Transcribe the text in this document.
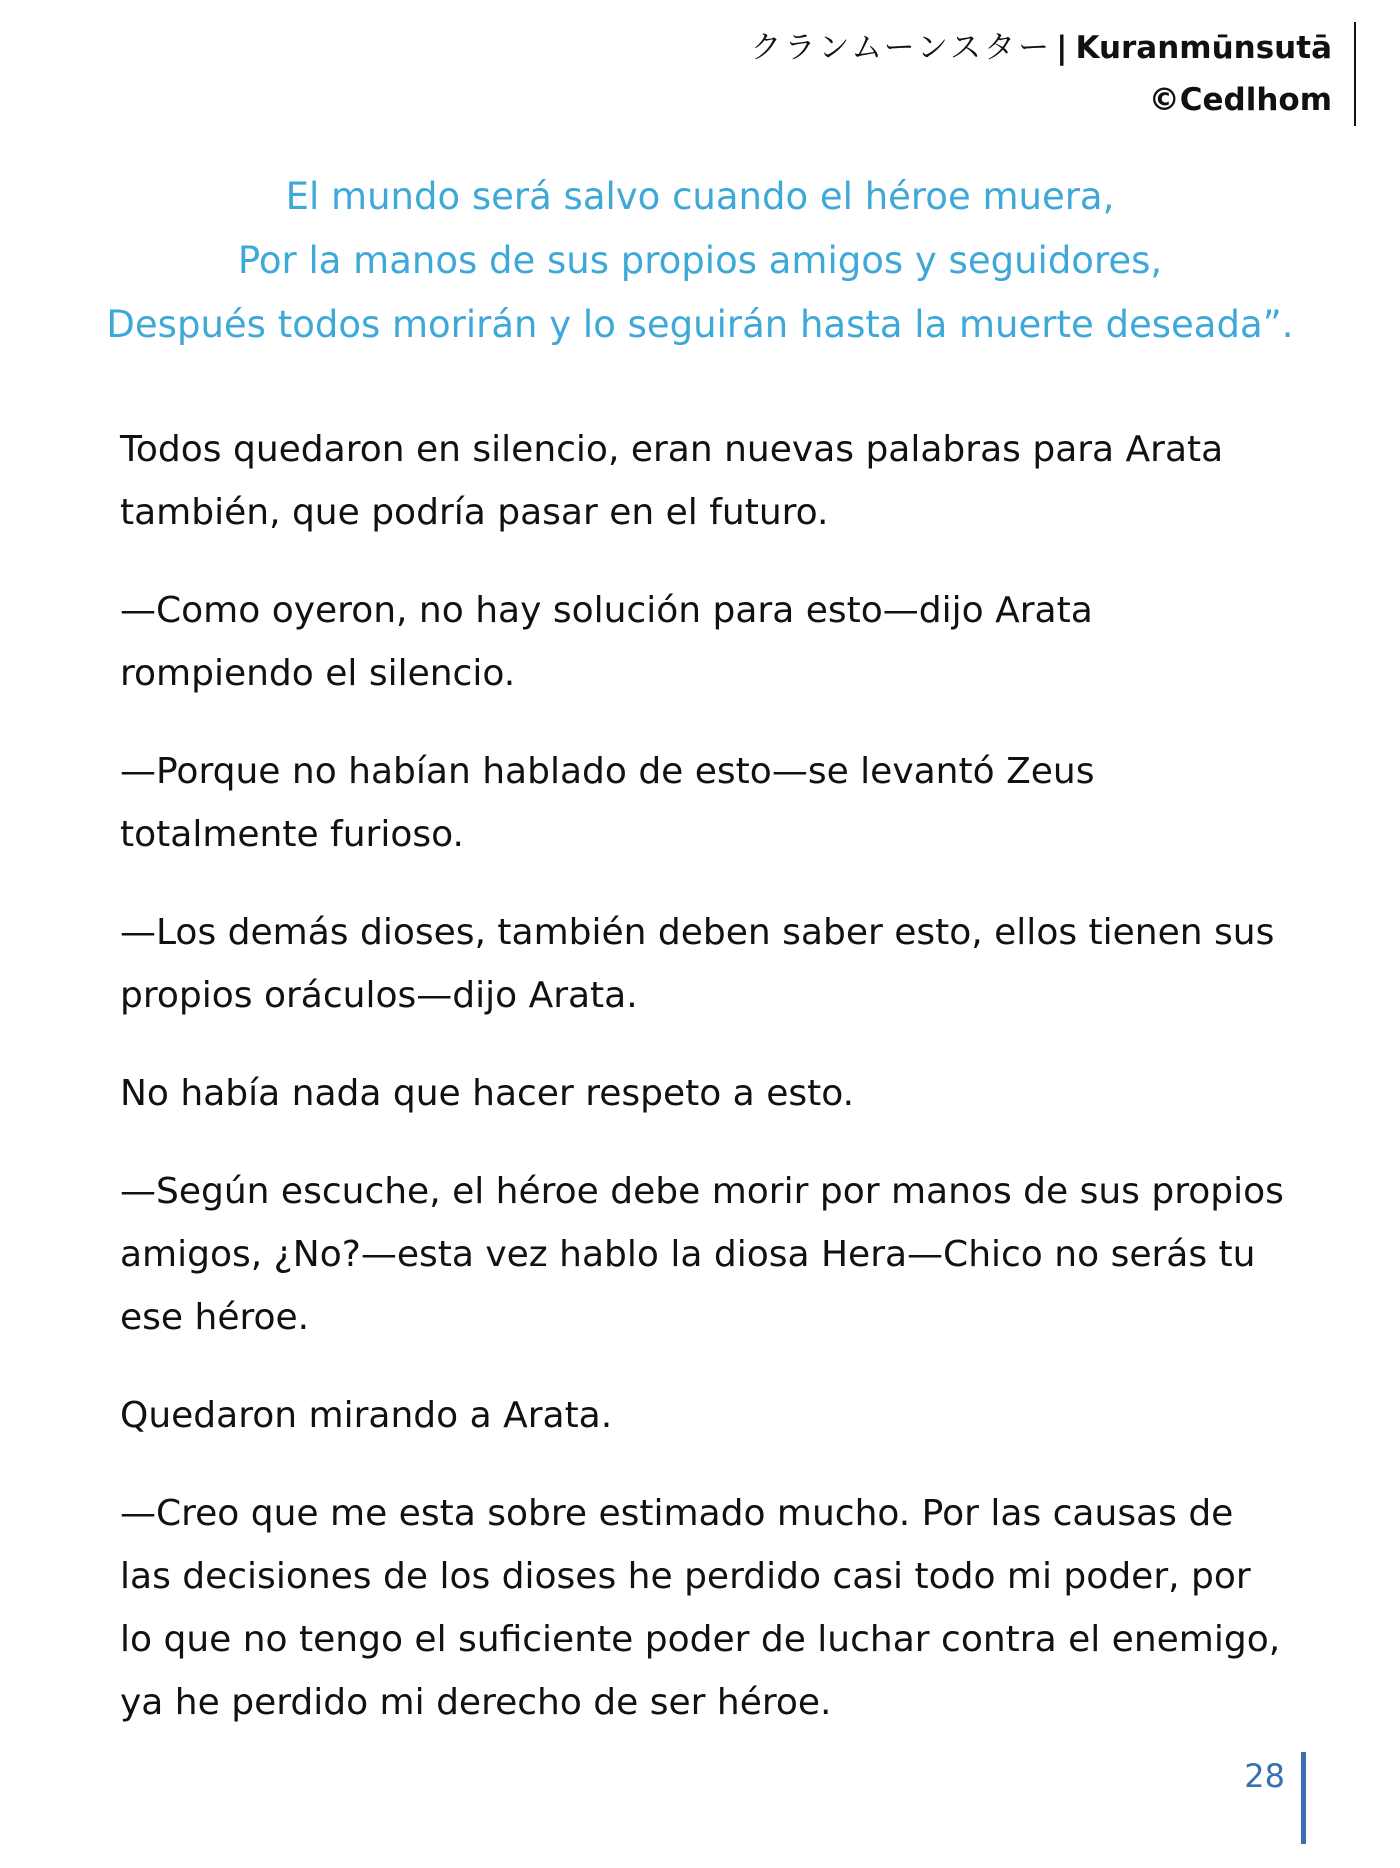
クランムーンスター | Kuranmūnsutā
©Cedlhom
El mundo será salvo cuando el héroe muera,
Por la manos de sus propios amigos y seguidores,
Después todos morirán y lo seguirán hasta la muerte deseada”.
Todos quedaron en silencio, eran nuevas palabras para Arata
también, que podría pasar en el futuro.
—Como oyeron, no hay solución para esto—dijo Arata
rompiendo el silencio.
—Porque no habían hablado de esto—se levantó Zeus
totalmente furioso.
—Los demás dioses, también deben saber esto, ellos tienen sus
propios oráculos—dijo Arata.
No había nada que hacer respeto a esto.
—Según escuche, el héroe debe morir por manos de sus propios
amigos, ¿No?—esta vez hablo la diosa Hera—Chico no serás tu
ese héroe.
Quedaron mirando a Arata.
—Creo que me esta sobre estimado mucho. Por las causas de
las decisiones de los dioses he perdido casi todo mi poder, por
lo que no tengo el suficiente poder de luchar contra el enemigo,
ya he perdido mi derecho de ser héroe.
28
